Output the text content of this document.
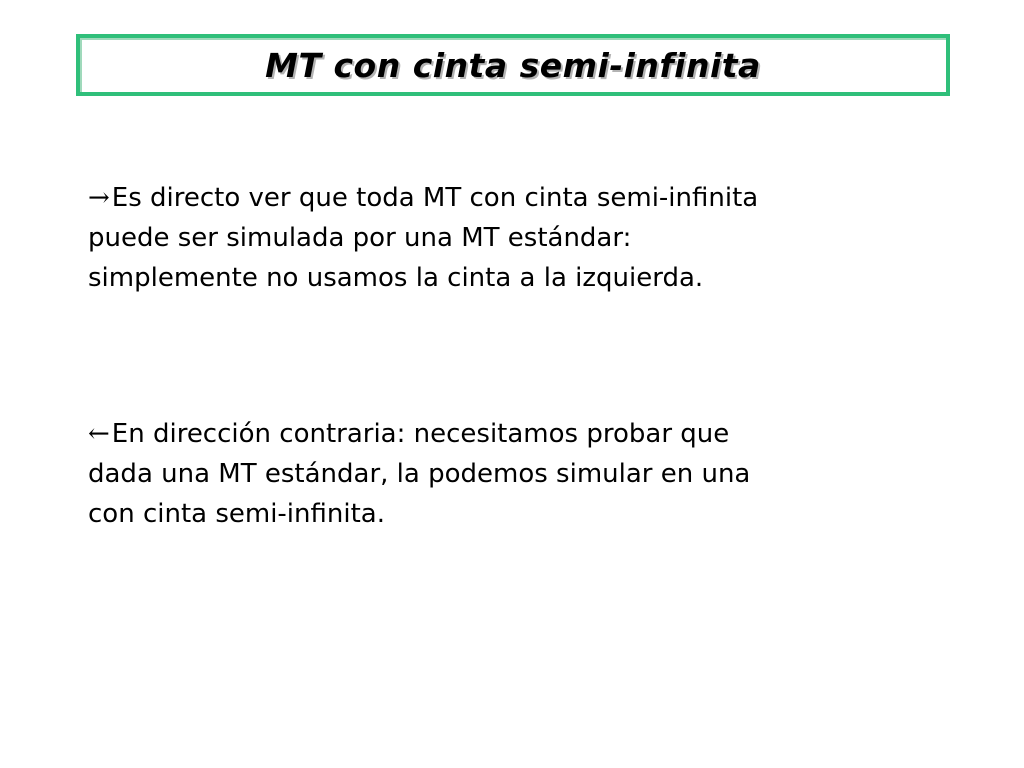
MT con cinta semi-infinita
→Es directo ver que toda MT con cinta semi-infinita
puede ser simulada por una MT estándar:
simplemente no usamos la cinta a la izquierda.
←En dirección contraria: necesitamos probar que
dada una MT estándar, la podemos simular en una
con cinta semi-infinita.
